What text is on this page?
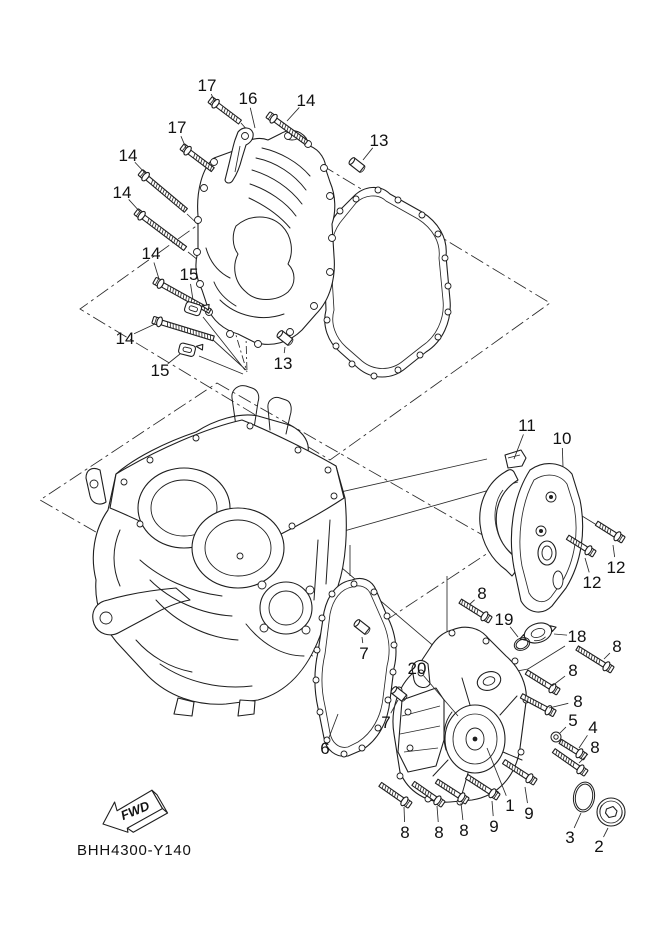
17
16 14
17
13
14
14
14
15
14
15	13
11
10
12
12
8
19
18
8
7
20	8
8
5 4
7
6	8
1 9
9
3 2
8 8 8
FWD
BHH4300-Y140
